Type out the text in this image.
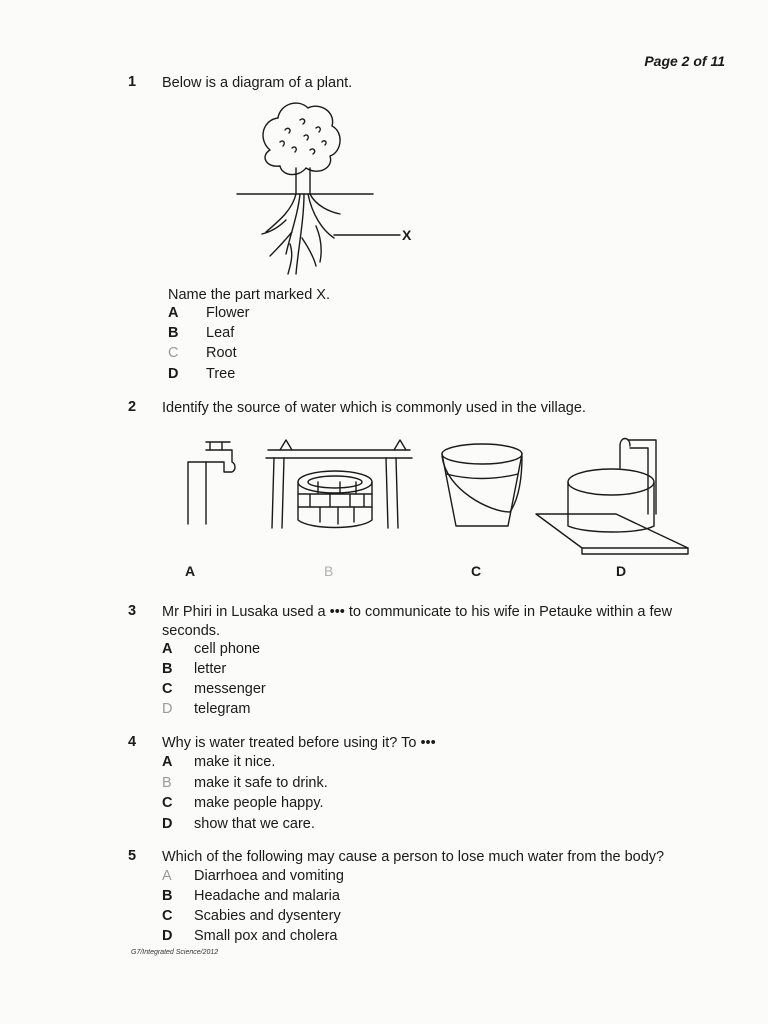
Page 2 of 11
1 Below is a diagram of a plant.
X
Name the part marked X.
A	Flower
B	Leaf
C	Root
D	Tree
2 Identify the source of water which is commonly used in the village.
A	B	C	D
3 Mr Phiri in Lusaka used a ••• to communicate to his wife in Petauke within a few seconds.
A	cell phone
B	letter
C	messenger
D	telegram
4 Why is water treated before using it? To •••
A	make it nice.
B	make it safe to drink.
C	make people happy.
D	show that we care.
5 Which of the following may cause a person to lose much water from the body?
A	Diarrhoea and vomiting
B	Headache and malaria
C	Scabies and dysentery
D	Small pox and cholera
G7/Integrated Science/2012
